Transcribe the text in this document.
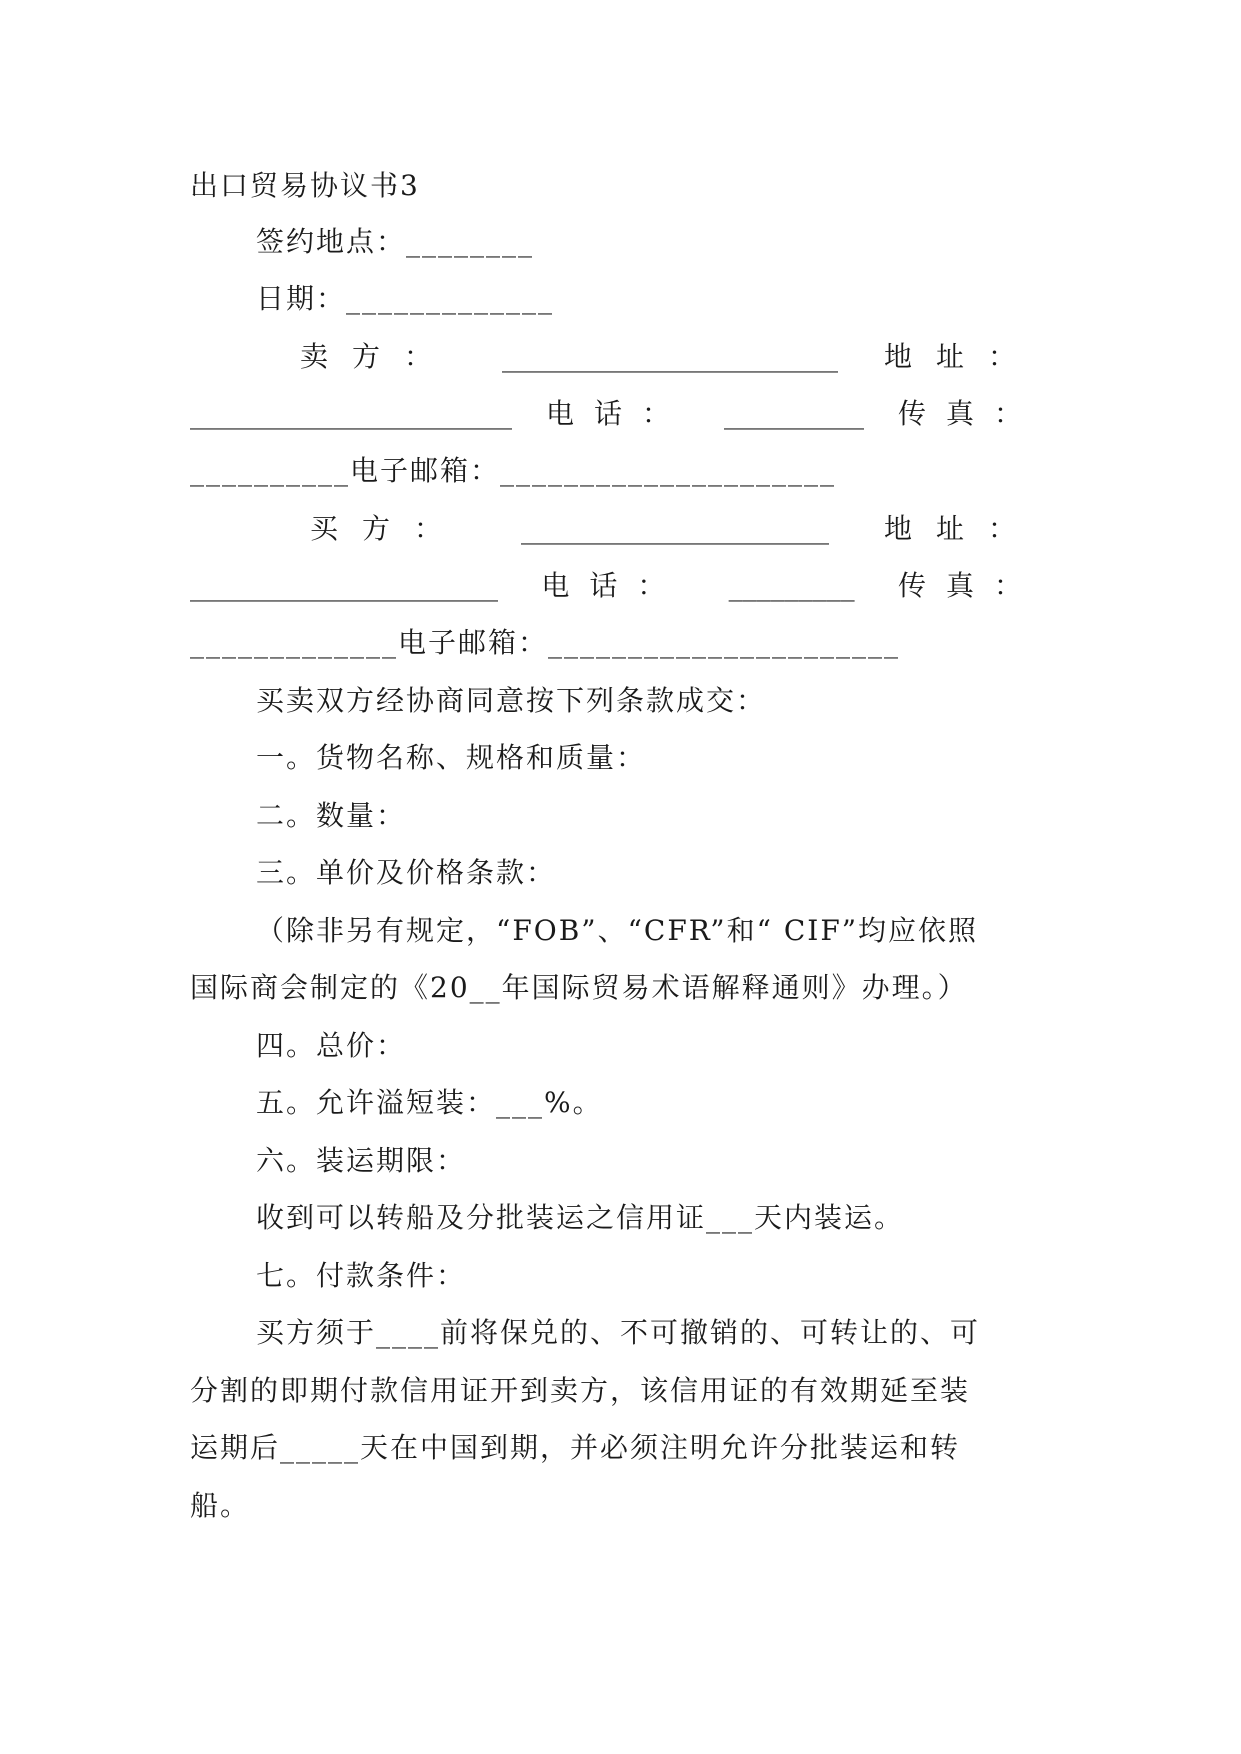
出口贸易协议书3
签约地点：________
日期：_____________
卖方： ________________________ 地址：
_______________________ 电话： __________ 传真：
__________电子邮箱：_____________________
买方： ______________________ 地址：
______________________ 电话： _________ 传真：
_____________电子邮箱：______________________
买卖双方经协商同意按下列条款成交：
一。货物名称、规格和质量：
二。数量：
三。单价及价格条款：
（除非另有规定，“FOB”、“CFR”和“ CIF”均应依照
国际商会制定的《20__年国际贸易术语解释通则》办理。）
四。总价：
五。允许溢短装：___%。
六。装运期限：
收到可以转船及分批装运之信用证___天内装运。
七。付款条件：
买方须于____前将保兑的、不可撤销的、可转让的、可
分割的即期付款信用证开到卖方，该信用证的有效期延至装
运期后_____天在中国到期，并必须注明允许分批装运和转
船。
